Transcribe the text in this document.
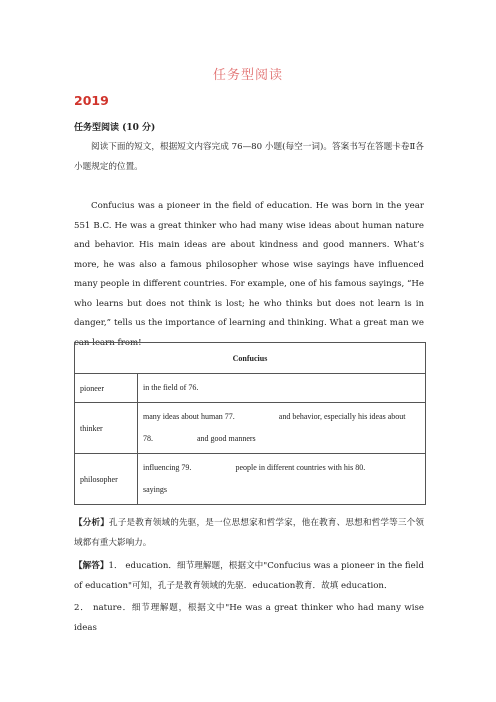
任务型阅读
2019
任务型阅读 (10 分)

阅读下面的短文，根据短文内容完成 76—80 小题(每空一词)。答案书写在答题卡卷Ⅱ各小题规定的位置。

Confucius was a pioneer in the field of education. He was born in the year 551 B.C. He was a great thinker who had many wise ideas about human nature and behavior. His main ideas are about kindness and good manners. What’s more, he was also a famous philosopher whose wise sayings have influenced many people in different countries. For example, one of his famous sayings, “He who learns but does not think is lost; he who thinks but does not learn is in danger,” tells us the importance of learning and thinking. What a great man we can learn from!

Confucius	
pioneer	in the field of 76.
thinker	many ideas about human 77. and behavior, especially his ideas about
78. and good manners
philosopher	influencing 79. people in different countries with his 80.
sayings

【分析】孔子是教育领域的先驱，是一位思想家和哲学家，他在教育、思想和哲学等三个领域都有重大影响力。

【解答】1． education．细节理解题，根据文中"Confucius was a pioneer in the field of education"可知，孔子是教育领域的先驱．education教育．故填 education．

2． nature．细节理解题，根据文中"He was a great thinker who had many wise ideas
